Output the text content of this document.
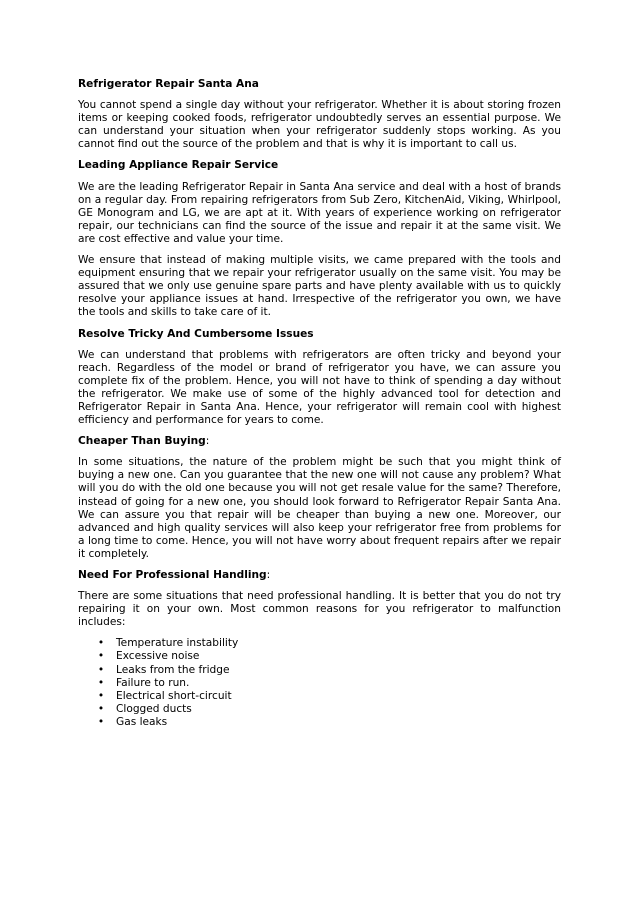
Refrigerator Repair Santa Ana
You cannot spend a single day without your refrigerator. Whether it is about storing frozen items or keeping cooked foods, refrigerator undoubtedly serves an essential purpose. We can understand your situation when your refrigerator suddenly stops working. As you cannot find out the source of the problem and that is why it is important to call us.
Leading Appliance Repair Service
We are the leading Refrigerator Repair in Santa Ana service and deal with a host of brands on a regular day. From repairing refrigerators from Sub Zero, KitchenAid, Viking, Whirlpool, GE Monogram and LG, we are apt at it. With years of experience working on refrigerator repair, our technicians can find the source of the issue and repair it at the same visit. We are cost effective and value your time.
We ensure that instead of making multiple visits, we came prepared with the tools and equipment ensuring that we repair your refrigerator usually on the same visit. You may be assured that we only use genuine spare parts and have plenty available with us to quickly resolve your appliance issues at hand. Irrespective of the refrigerator you own, we have the tools and skills to take care of it.
Resolve Tricky And Cumbersome Issues
We can understand that problems with refrigerators are often tricky and beyond your reach. Regardless of the model or brand of refrigerator you have, we can assure you complete fix of the problem. Hence, you will not have to think of spending a day without the refrigerator. We make use of some of the highly advanced tool for detection and Refrigerator Repair in Santa Ana. Hence, your refrigerator will remain cool with highest efficiency and performance for years to come.
Cheaper Than Buying:
In some situations, the nature of the problem might be such that you might think of buying a new one. Can you guarantee that the new one will not cause any problem? What will you do with the old one because you will not get resale value for the same? Therefore, instead of going for a new one, you should look forward to Refrigerator Repair Santa Ana. We can assure you that repair will be cheaper than buying a new one. Moreover, our advanced and high quality services will also keep your refrigerator free from problems for a long time to come. Hence, you will not have worry about frequent repairs after we repair it completely.
Need For Professional Handling:
There are some situations that need professional handling. It is better that you do not try repairing it on your own. Most common reasons for you refrigerator to malfunction includes:
• Temperature instability
• Excessive noise
• Leaks from the fridge
• Failure to run.
• Electrical short-circuit
• Clogged ducts
• Gas leaks
